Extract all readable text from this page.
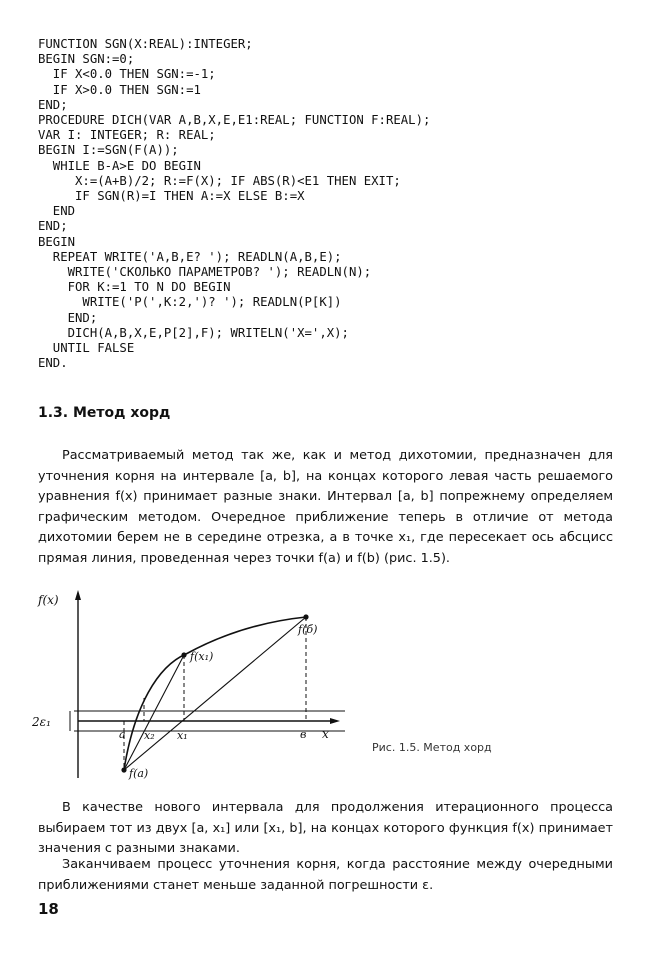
FUNCTION SGN(X:REAL):INTEGER;
BEGIN SGN:=0;
IF X<0.0 THEN SGN:=-1;
IF X>0.0 THEN SGN:=1
END;
PROCEDURE DICH(VAR A,B,X,E,E1:REAL; FUNCTION F:REAL);
VAR I: INTEGER; R: REAL;
BEGIN I:=SGN(F(A));
WHILE B-A>E DO BEGIN
X:=(A+B)/2; R:=F(X); IF ABS(R)<E1 THEN EXIT;
IF SGN(R)=I THEN A:=X ELSE B:=X
END
END;
BEGIN
REPEAT WRITE('A,B,E? '); READLN(A,B,E);
WRITE('СКОЛЬКО ПАРАМЕТРОВ? '); READLN(N);
FOR K:=1 TO N DO BEGIN
WRITE('P(',K:2,')? '); READLN(P[K])
END;
DICH(A,B,X,E,P[2],F); WRITELN('X=',X);
UNTIL FALSE
END.
1.3. Метод хорд

Рассматриваемый метод так же, как и метод дихотомии, предназначен для уточнения корня на интервале [a, b], на концах которого левая часть решаемого уравнения f(x) принимает разные знаки. Интервал [a, b] попрежнему определяем графическим методом. Очередное приближение теперь в отличие от метода дихотомии берем не в середине отрезка, а в точке x₁, где пересекает ось абсцисс прямая линия, проведенная через точки f(a) и f(b) (рис. 1.5).

f(x)
x
2ε₁
a x₂ x₁	в
f(x₁)
f(б)
f(a)
Рис. 1.5. Метод хорд

В качестве нового интервала для продолжения итерационного процесса выбираем тот из двух [a, x₁] или [x₁, b], на концах которого функция f(x) принимает значения с разными знаками.

Заканчиваем процесс уточнения корня, когда расстояние между очередными приближениями станет меньше заданной погрешности ε.

18
